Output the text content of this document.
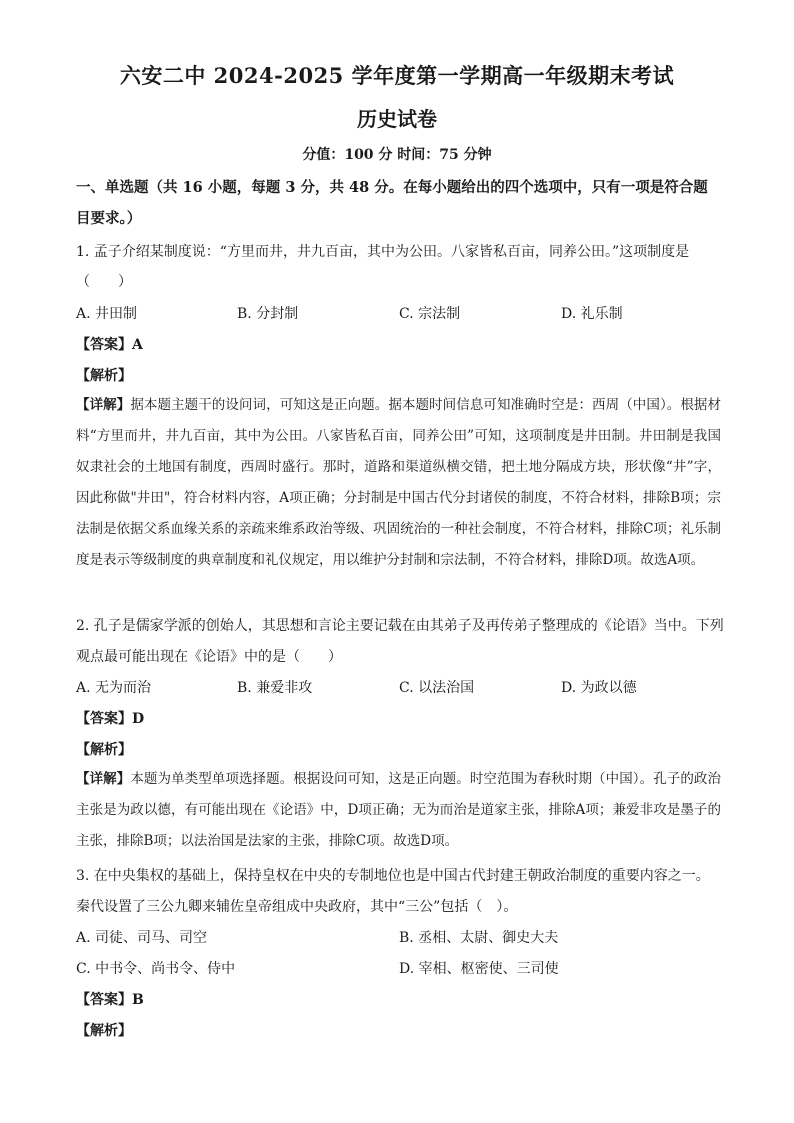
六安二中 2024-2025 学年度第一学期高一年级期末考试
历史试卷
分值：100 分 时间：75 分钟
一、单选题（共 16 小题，每题 3 分，共 48 分。在每小题给出的四个选项中，只有一项是符合题目要求。）
1. 孟子介绍某制度说：“方里而井，井九百亩，其中为公田。八家皆私百亩，同养公田。”这项制度是
（　　）
A. 井田制	B. 分封制	C. 宗法制	D. 礼乐制
【答案】A
【解析】
【详解】据本题主题干的设问词，可知这是正向题。据本题时间信息可知准确时空是：西周（中国）。根据材料“方里而井，井九百亩，其中为公田。八家皆私百亩，同养公田”可知，这项制度是井田制。井田制是我国奴隶社会的土地国有制度，西周时盛行。那时，道路和渠道纵横交错，把土地分隔成方块，形状像“井”字，因此称做"井田"，符合材料内容，A项正确；分封制是中国古代分封诸侯的制度，不符合材料，排除B项；宗法制是依据父系血缘关系的亲疏来维系政治等级、巩固统治的一种社会制度，不符合材料，排除C项；礼乐制度是表示等级制度的典章制度和礼仪规定，用以维护分封制和宗法制，不符合材料，排除D项。故选A项。
2. 孔子是儒家学派的创始人，其思想和言论主要记载在由其弟子及再传弟子整理成的《论语》当中。下列
观点最可能出现在《论语》中的是（　　）
A. 无为而治	B. 兼爱非攻	C. 以法治国	D. 为政以德
【答案】D
【解析】
【详解】本题为单类型单项选择题。根据设问可知，这是正向题。时空范围为春秋时期（中国）。孔子的政治主张是为政以德，有可能出现在《论语》中，D项正确；无为而治是道家主张，排除A项；兼爱非攻是墨子的主张，排除B项；以法治国是法家的主张，排除C项。故选D项。
3. 在中央集权的基础上，保持皇权在中央的专制地位也是中国古代封建王朝政治制度的重要内容之一。
秦代设置了三公九卿来辅佐皇帝组成中央政府，其中“三公”包括（　）。
A. 司徒、司马、司空	B. 丞相、太尉、御史大夫
C. 中书令、尚书令、侍中	D. 宰相、枢密使、三司使
【答案】B
【解析】
